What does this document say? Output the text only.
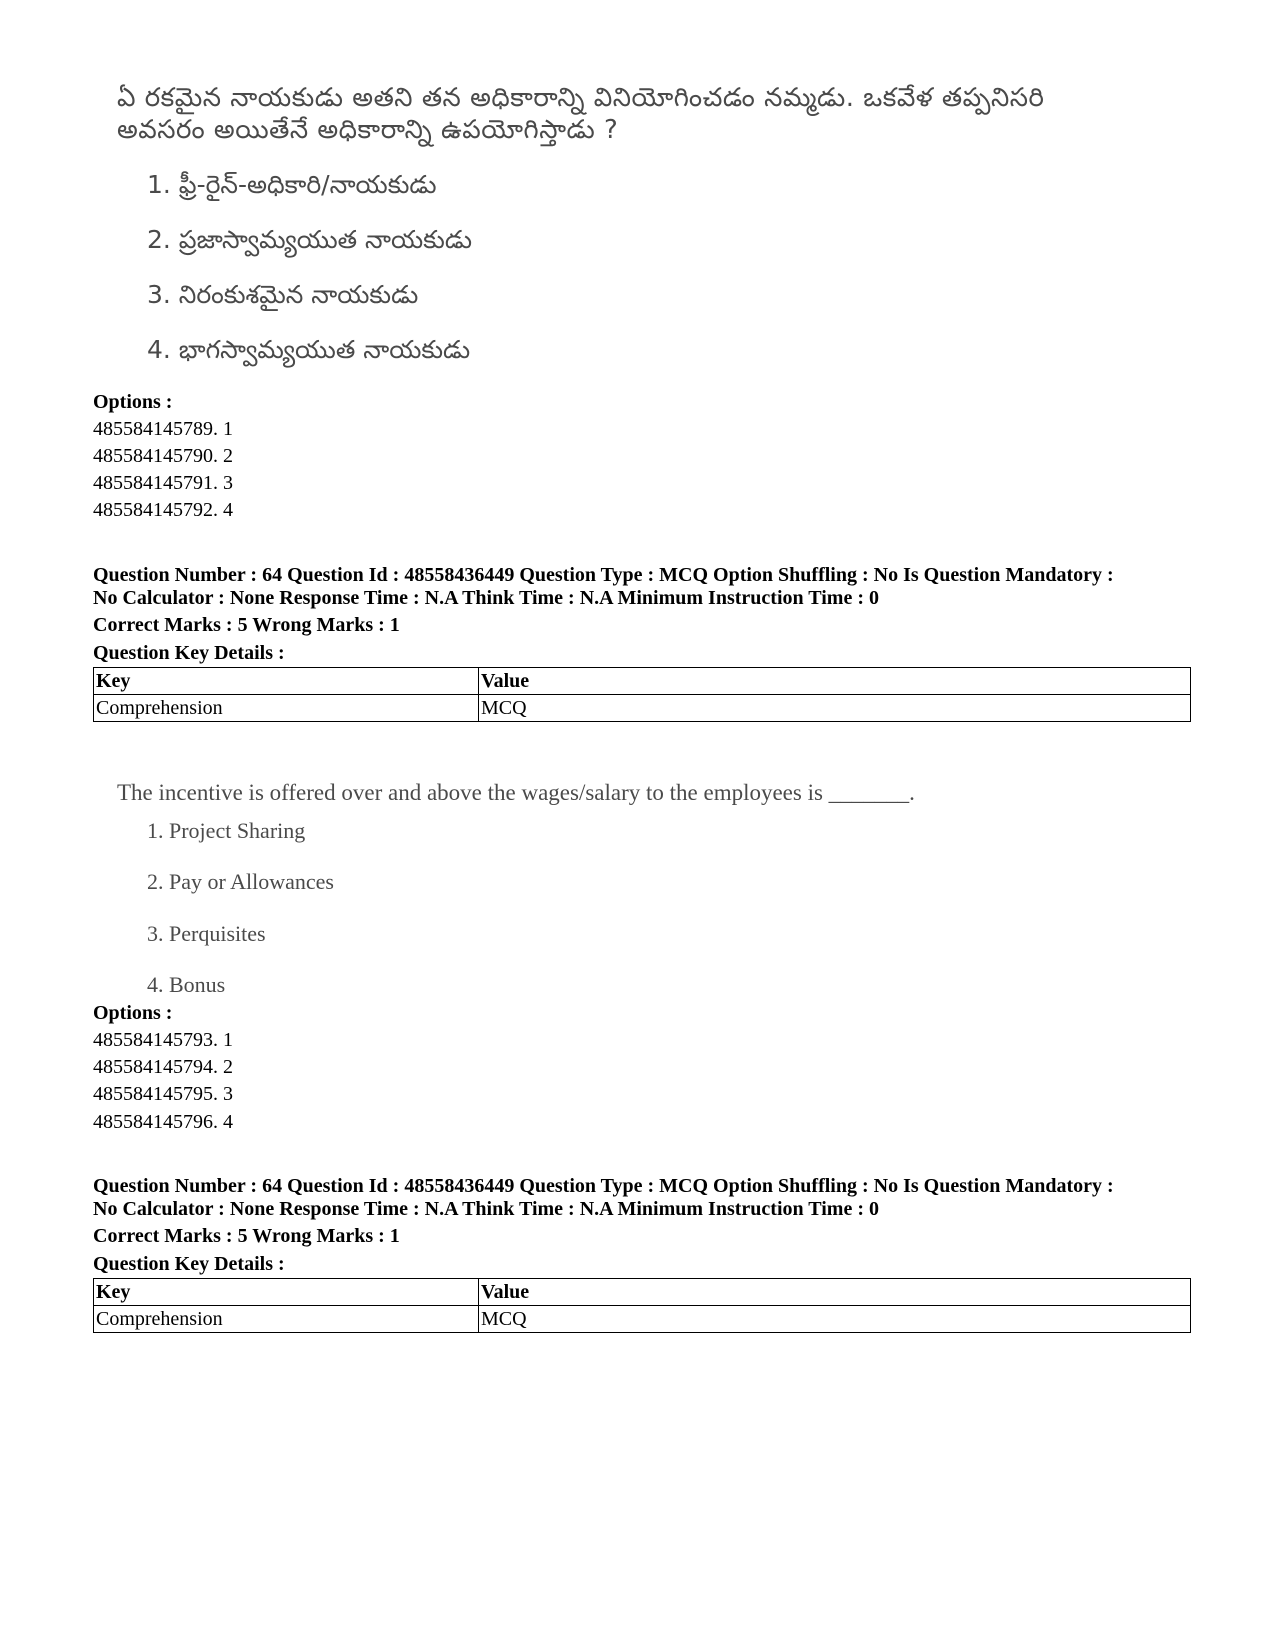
ఏ రకమైన నాయకుడు అతని తన అధికారాన్ని వినియోగించడం నమ్మడు. ఒకవేళ తప్పనిసరి

అవసరం అయితేనే అధికారాన్ని ఉపయోగిస్తాడు ?

1. ఫ్రీ-రైన్-అధికారి/నాయకుడు
2. ప్రజాస్వామ్యయుత నాయకుడు
3. నిరంకుశమైన నాయకుడు
4. భాగస్వామ్యయుత నాయకుడు
Options :
485584145789. 1
485584145790. 2
485584145791. 3
485584145792. 4
Question Number : 64 Question Id : 48558436449 Question Type : MCQ Option Shuffling : No Is Question Mandatory :
No Calculator : None Response Time : N.A Think Time : N.A Minimum Instruction Time : 0
Correct Marks : 5 Wrong Marks : 1
Question Key Details :
Key	Value
Comprehension	MCQ

The incentive is offered over and above the wages/salary to the employees is _______.

1. Project Sharing
2. Pay or Allowances
3. Perquisites
4. Bonus
Options :
485584145793. 1
485584145794. 2
485584145795. 3
485584145796. 4
Question Number : 64 Question Id : 48558436449 Question Type : MCQ Option Shuffling : No Is Question Mandatory :
No Calculator : None Response Time : N.A Think Time : N.A Minimum Instruction Time : 0
Correct Marks : 5 Wrong Marks : 1
Question Key Details :
Key	Value
Comprehension	MCQ
